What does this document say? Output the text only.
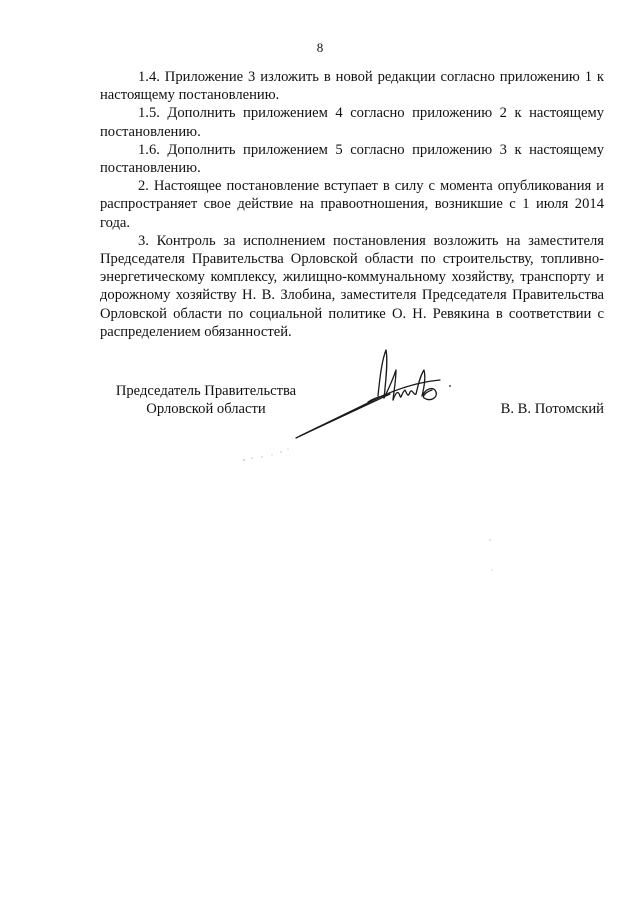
8

1.4. Приложение 3 изложить в новой редакции согласно приложению 1 к настоящему постановлению.

1.5. Дополнить приложением 4 согласно приложению 2 к настоящему постановлению.

1.6. Дополнить приложением 5 согласно приложению 3 к настоящему постановлению.

2. Настоящее постановление вступает в силу с момента опубликования и распространяет свое действие на правоотношения, возникшие с 1 июля 2014 года.

3. Контроль за исполнением постановления возложить на заместителя Председателя Правительства Орловской области по строительству, топливно-энергетическому комплексу, жилищно-коммунальному хозяйству, транспорту и дорожному хозяйству Н. В. Злобина, заместителя Председателя Правительства Орловской области по социальной политике О. Н. Ревякина в соответствии с распределением обязанностей.

Председатель Правительства
Орловской области	В. В. Потомский
